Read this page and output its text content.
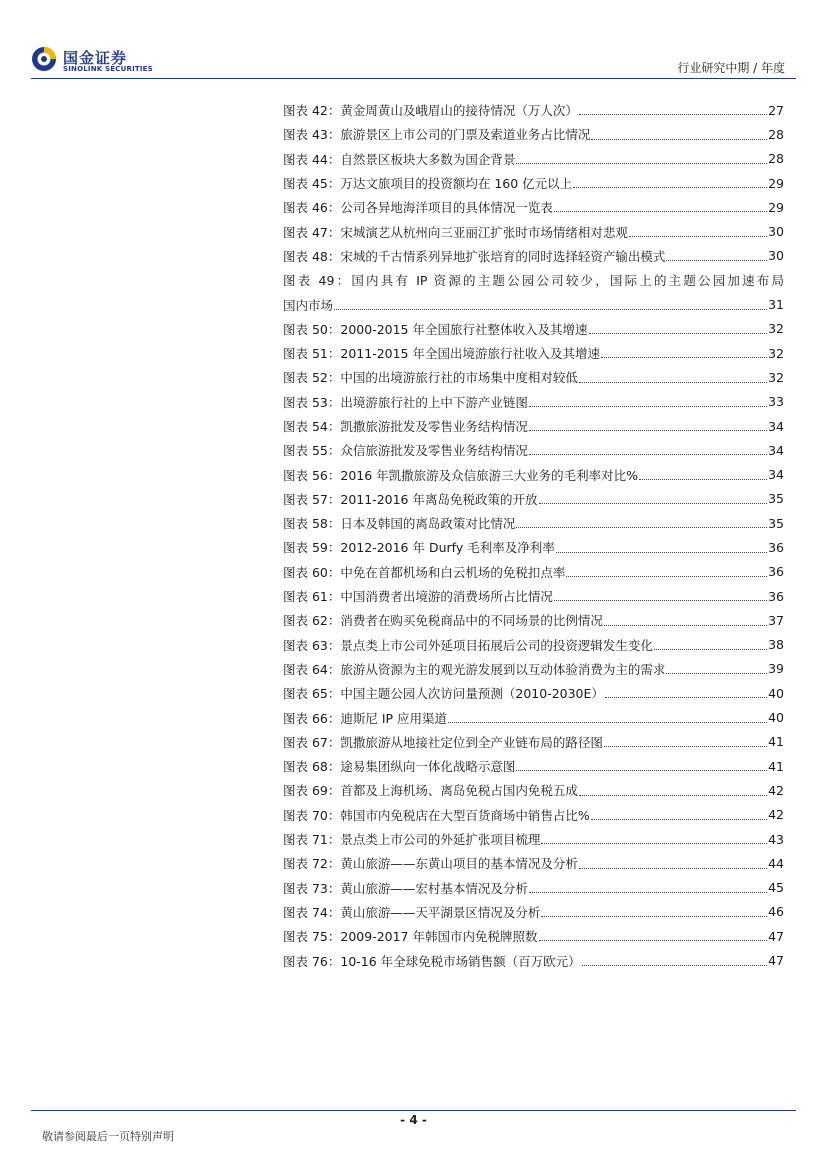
国金证券
SINOLINK SECURITIES	行业研究中期 / 年度
图表 42：黄金周黄山及峨眉山的接待情况（万人次）	27
图表 43：旅游景区上市公司的门票及索道业务占比情况	28
图表 44：自然景区板块大多数为国企背景	28
图表 45：万达文旅项目的投资额均在 160 亿元以上	29
图表 46：公司各异地海洋项目的具体情况一览表	29
图表 47：宋城演艺从杭州向三亚丽江扩张时市场情绪相对悲观	30
图表 48：宋城的千古情系列异地扩张培育的同时选择轻资产输出模式	30
图表 49：国内具有 IP 资源的主题公园公司较少，国际上的主题公园加速布局
国内市场	31
图表 50：2000-2015 年全国旅行社整体收入及其增速	32
图表 51：2011-2015 年全国出境游旅行社收入及其增速	32
图表 52：中国的出境游旅行社的市场集中度相对较低	32
图表 53：出境游旅行社的上中下游产业链图	33
图表 54：凯撒旅游批发及零售业务结构情况	34
图表 55：众信旅游批发及零售业务结构情况	34
图表 56：2016 年凯撒旅游及众信旅游三大业务的毛利率对比%	34
图表 57：2011-2016 年离岛免税政策的开放	35
图表 58：日本及韩国的离岛政策对比情况	35
图表 59：2012-2016 年 Durfy 毛利率及净利率	36
图表 60：中免在首都机场和白云机场的免税扣点率	36
图表 61：中国消费者出境游的消费场所占比情况	36
图表 62：消费者在购买免税商品中的不同场景的比例情况	37
图表 63：景点类上市公司外延项目拓展后公司的投资逻辑发生变化	38
图表 64：旅游从资源为主的观光游发展到以互动体验消费为主的需求	39
图表 65：中国主题公园人次访问量预测（2010-2030E）	40
图表 66：迪斯尼 IP 应用渠道	40
图表 67：凯撒旅游从地接社定位到全产业链布局的路径图	41
图表 68：途易集团纵向一体化战略示意图	41
图表 69：首都及上海机场、离岛免税占国内免税五成	42
图表 70：韩国市内免税店在大型百货商场中销售占比%	42
图表 71：景点类上市公司的外延扩张项目梳理	43
图表 72：黄山旅游——东黄山项目的基本情况及分析	44
图表 73：黄山旅游——宏村基本情况及分析	45
图表 74：黄山旅游——天平湖景区情况及分析	46
图表 75：2009-2017 年韩国市内免税牌照数	47
图表 76：10-16 年全球免税市场销售额（百万欧元）	47
- 4 -
敬请参阅最后一页特别声明
